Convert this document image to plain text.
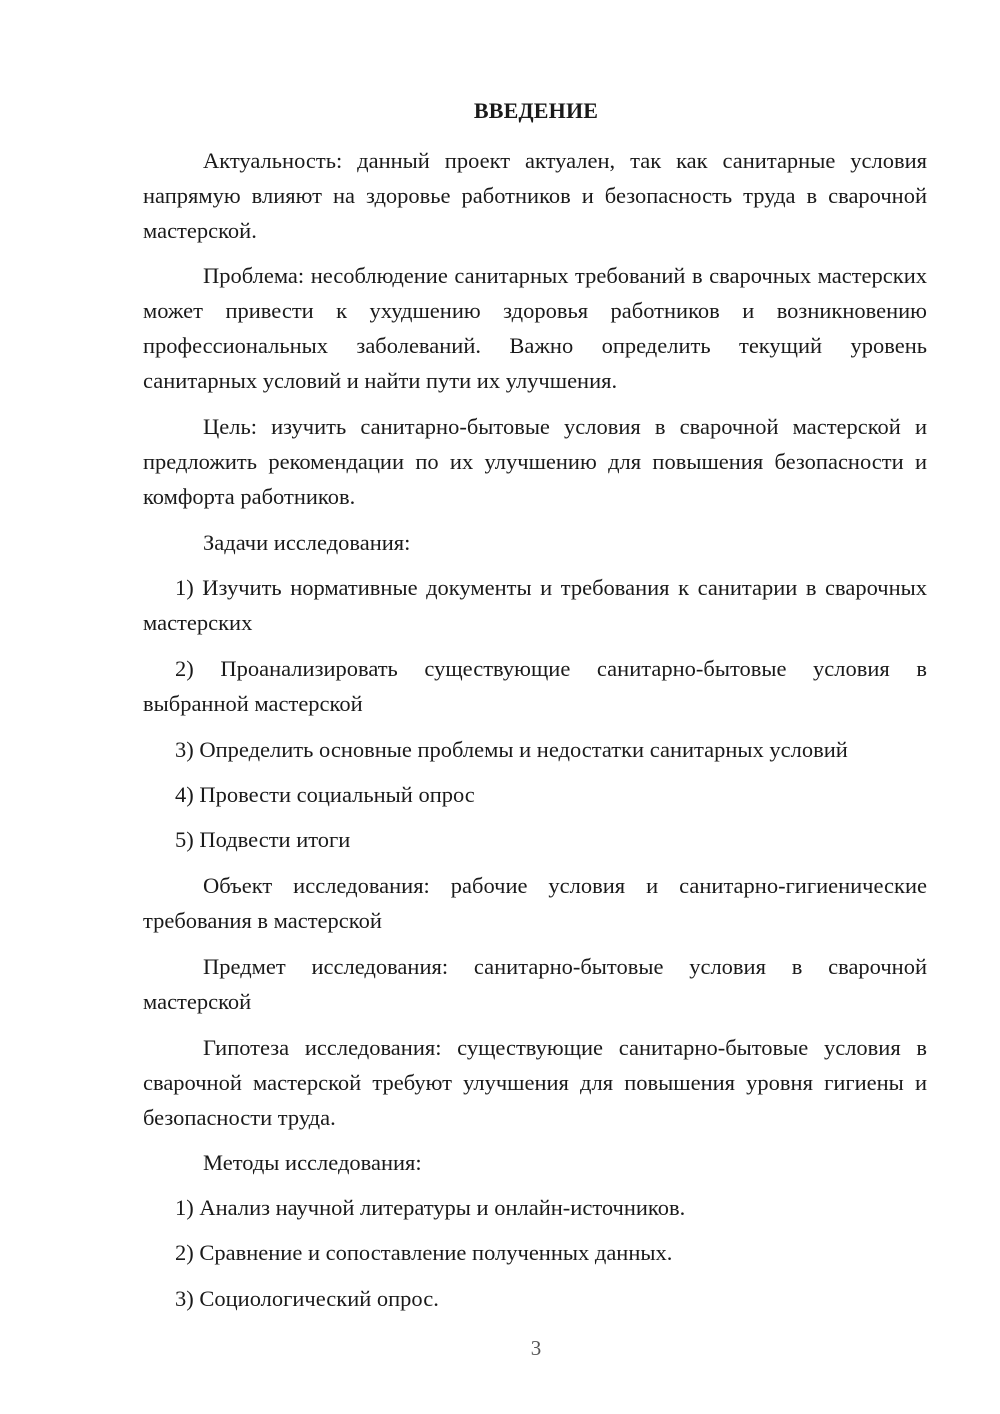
ВВЕДЕНИЕ

Актуальность: данный проект актуален, так как санитарные условия напрямую влияют на здоровье работников и безопасность труда в сварочной мастерской.

Проблема: несоблюдение санитарных требований в сварочных мастерских может привести к ухудшению здоровья работников и возникновению профессиональных заболеваний. Важно определить текущий уровень санитарных условий и найти пути их улучшения.

Цель: изучить санитарно-бытовые условия в сварочной мастерской и предложить рекомендации по их улучшению для повышения безопасности и комфорта работников.

Задачи исследования:

1) Изучить нормативные документы и требования к санитарии в сварочных мастерских

2) Проанализировать существующие санитарно-бытовые условия в выбранной мастерской

3) Определить основные проблемы и недостатки санитарных условий

4) Провести социальный опрос

5) Подвести итоги

Объект исследования: рабочие условия и санитарно-гигиенические требования в мастерской

Предмет исследования: санитарно-бытовые условия в сварочной мастерской

Гипотеза исследования: существующие санитарно-бытовые условия в сварочной мастерской требуют улучшения для повышения уровня гигиены и безопасности труда.

Методы исследования:

1) Анализ научной литературы и онлайн-источников.

2) Сравнение и сопоставление полученных данных.

3) Социологический опрос.

3
